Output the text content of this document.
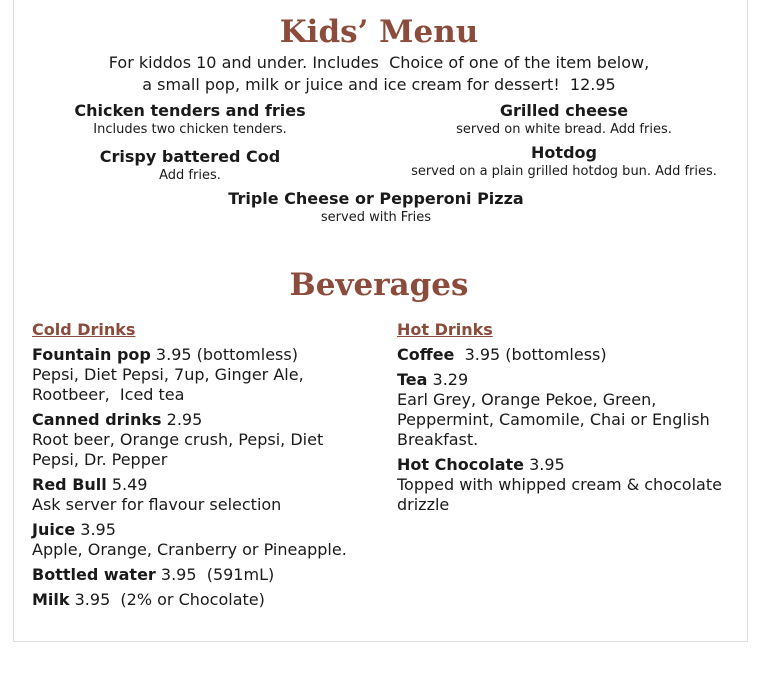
Kids’ Menu
For kiddos 10 and under. Includes  Choice of one of the item below,
a small pop, milk or juice and ice cream for dessert!  12.95
Chicken tenders and fries
Includes two chicken tenders.
Grilled cheese
served on white bread. Add fries.
Crispy battered Cod
Add fries.
Hotdog
served on a plain grilled hotdog bun. Add fries.
Triple Cheese or Pepperoni Pizza
served with Fries
Beverages
Cold Drinks
Fountain pop 3.95 (bottomless)
Pepsi, Diet Pepsi, 7up, Ginger Ale, Rootbeer,  Iced tea
Canned drinks 2.95
Root beer, Orange crush, Pepsi, Diet Pepsi, Dr. Pepper
Red Bull 5.49
Ask server for flavour selection
Juice 3.95
Apple, Orange, Cranberry or Pineapple.
Bottled water 3.95  (591mL)
Milk 3.95  (2% or Chocolate)
Hot Drinks
Coffee  3.95 (bottomless)
Tea 3.29
Earl Grey, Orange Pekoe, Green, Peppermint, Camomile, Chai or English Breakfast.
Hot Chocolate 3.95
Topped with whipped cream & chocolate drizzle
